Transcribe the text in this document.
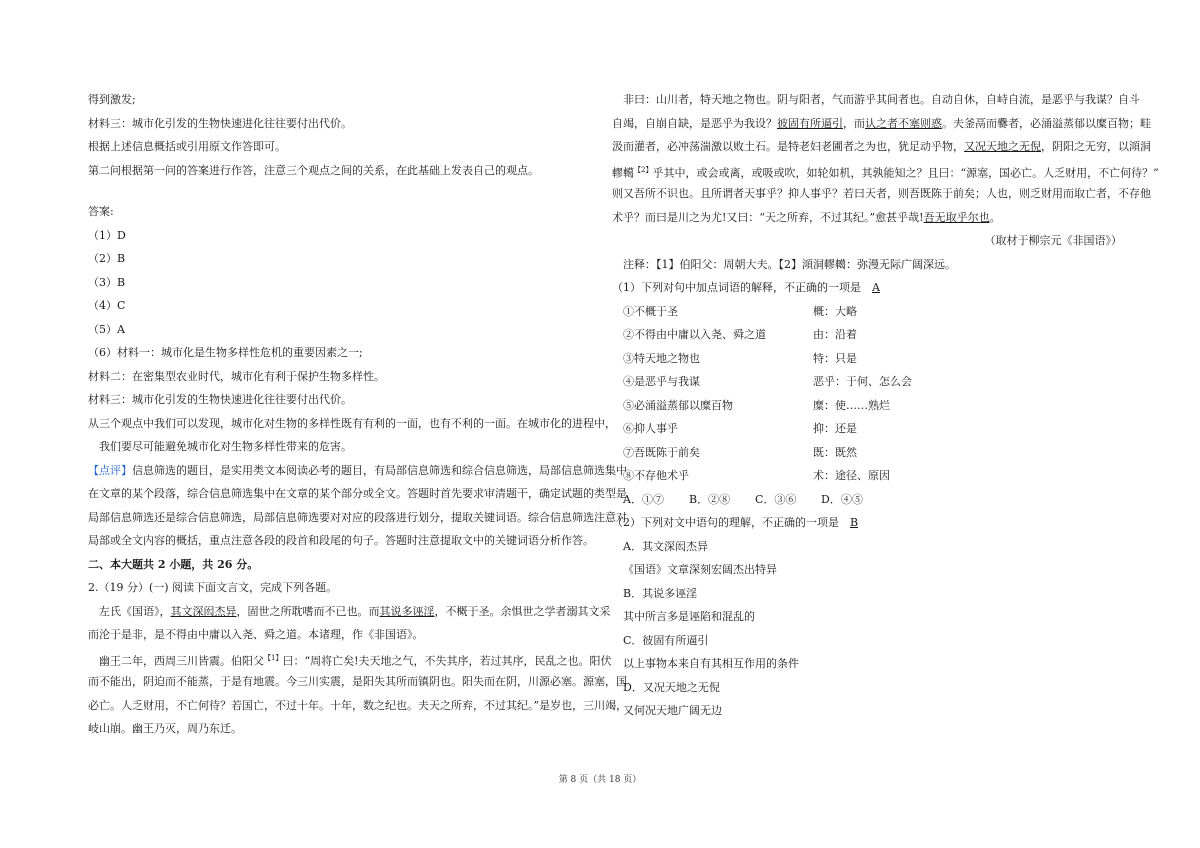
得到激发;
材料三：城市化引发的生物快速进化往往要付出代价。
根据上述信息概括或引用原文作答即可。
第二问根据第一问的答案进行作答，注意三个观点之间的关系，在此基础上发表自己的观点。
答案:
（1）D
（2）B
（3）B
（4）C
（5）A
（6）材料一：城市化是生物多样性危机的重要因素之一;
材料二：在密集型农业时代，城市化有利于保护生物多样性。
材料三：城市化引发的生物快速进化往往要付出代价。
从三个观点中我们可以发现，城市化对生物的多样性既有有利的一面，也有不利的一面。在城市化的进程中，
我们要尽可能避免城市化对生物多样性带来的危害。
【点评】信息筛选的题目，是实用类文本阅读必考的题目，有局部信息筛选和综合信息筛选，局部信息筛选集中
在文章的某个段落，综合信息筛选集中在文章的某个部分或全文。答题时首先要求审清题干，确定试题的类型是
局部信息筛选还是综合信息筛选，局部信息筛选要对对应的段落进行划分，提取关键词语。综合信息筛选注意对
局部或全文内容的概括，重点注意各段的段首和段尾的句子。答题时注意提取文中的关键词语分析作答。
二、本大题共 2 小题，共 26 分。
2.（19 分）(一) 阅读下面文言文，完成下列各题。
左氏《国语》，其文深闳杰异，固世之所耽嗜而不已也。而其说多诬淫，不概 ·于圣。余惧世之学者溺其文采
而沦于是非，是不得由 ·中庸以入尧、舜之道。本诸理，作《非国语》。
幽王二年，西周三川皆震。伯阳父$^{【1】}$曰：“周将亡矣!夫天地之气，不失其序，若过其序，民乱之也。阳伏
而不能出，阴迫而不能蒸，于是有地震。今三川实震，是阳失其所而镇阴也。阳失而在阴，川源必塞。源塞，国
必亡。人乏财用，不亡何待？若国亡，不过十年。十年，数之纪也。夫天之所弃，不过其纪。”是岁也，三川竭，
岐山崩。幽王乃灭，周乃东迁。
非曰：山川者，特 ·天地之物也。阴与阳者，气而游乎其间者也。自动自休，自峙自流，是恶 ·乎与我谋？自斗
自竭，自崩自缺，是恶乎为我设？彼固有所逼引，而认之者不塞则惑。夫釜鬲而爨者，必涌溢蒸郁以糜 ·百物；畦
汲而灌者，必冲荡湍激以败土石。是特老妇老圃者之为也，犹足动乎物，又况天地之无倪，阴阳之无穷，以澒洞
轇轕$^{【2】}$乎其中，或会或离，或吸或吹，如轮如机，其孰能知之？且曰：“源塞，国必亡。人乏财用，不亡何待？”
则又吾所不识也。且所谓者天事乎？抑人事乎？若曰天者，则吾既陈于前矣；人也，则乏财用而取亡者，不存他
术乎？而曰是川之为尤!又曰：“天之所弃，不过其纪。”愈甚乎哉!吾无取乎尔也。
（取材于柳宗元《非国语》）
注释：【1】伯阳父：周朝大夫。【2】澒洞轇轕：弥漫无际广阔深远。
（1）下列对句中加点词语的解释，不正 ·确的一项是 A
①不概于圣	概：大略
②不得由中庸以入尧、舜之道	由：沿着
③特天地之物也	特：只是
④是恶乎与我谋	恶乎：于何、怎么会
⑤必涌溢蒸郁以糜百物	糜：使……熟烂
⑥抑人事乎	抑：还是
⑦吾既陈于前矣	既：既然
⑧不存他术乎	术：途径、原因
A．①⑦ B．②⑧ C．③⑥ D．④⑤
（2）下列对文中语句的理解，不正 ·确的一项是 B
A．其文深闳杰异
《国语》文章深刻宏阔杰出特异
B．其说多诬淫
其中所言多是诬陷和混乱的
C．彼固有所逼引
以上事物本来自有其相互作用的条件
D．又况天地之无倪
又何况天地广阔无边
第 8 页（共 18 页）
